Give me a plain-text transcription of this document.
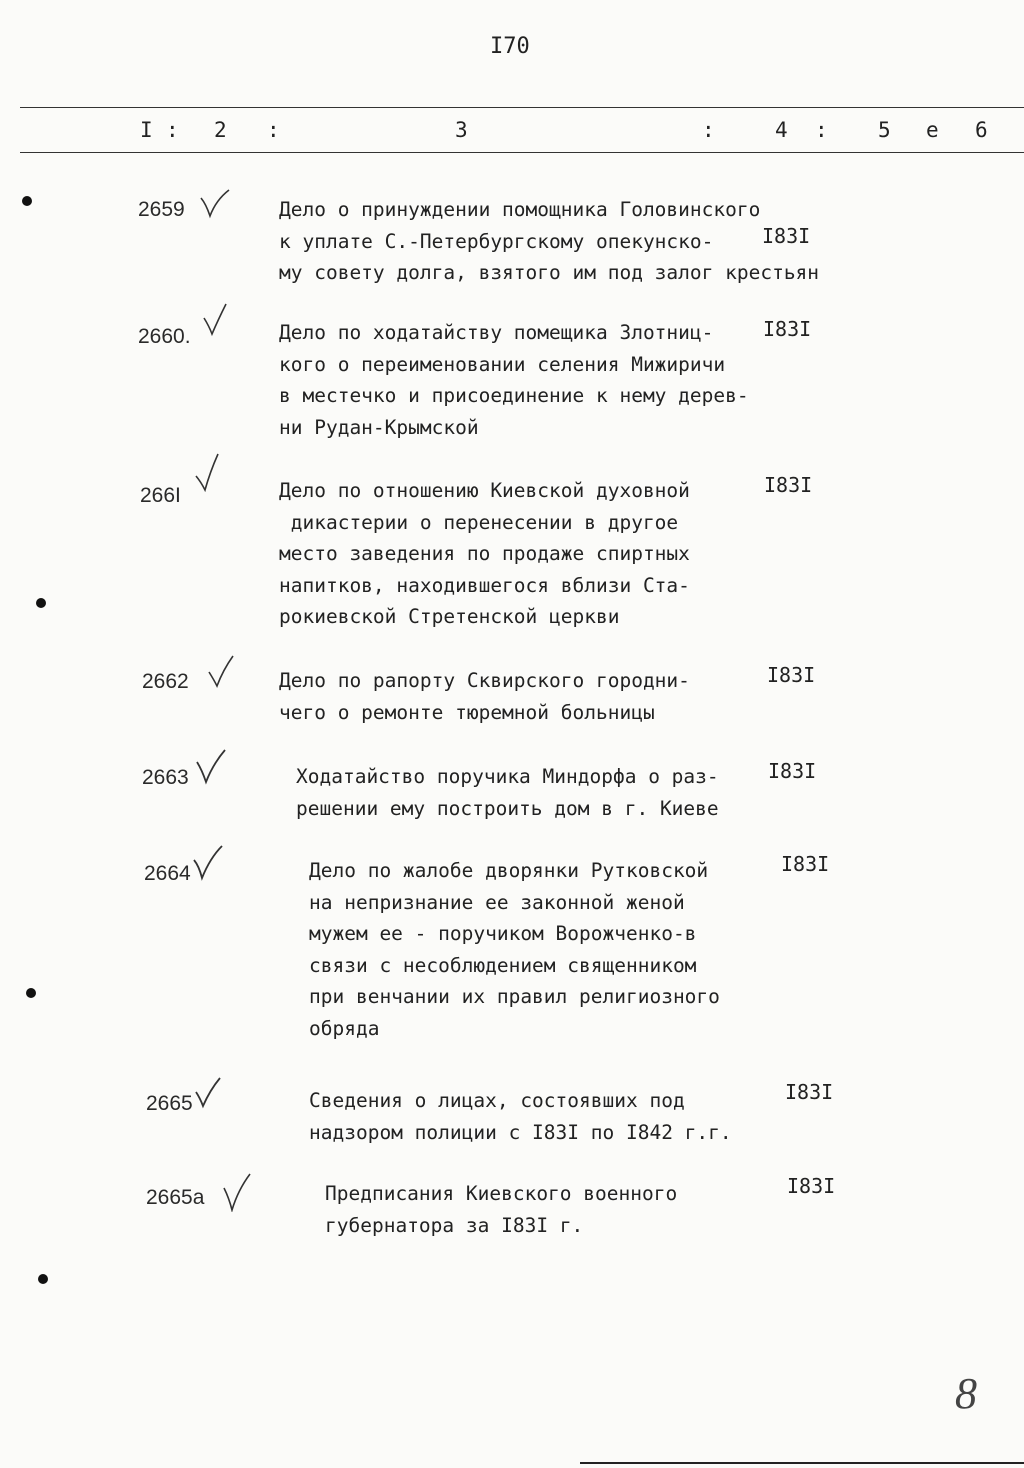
I70
I : 2 :	3	:	4 : 5 e 6
2659	Дело о принуждении помощника Головинского
к уплате С.-Петербургскому опекунско-
му совету долга, взятого им под залог крестьян
I83I
2660.	Дело по ходатайству помещика Злотниц-
кого о переименовании селения Мижиричи
в местечко и присоединение к нему дерев-
ни Рудан-Крымской
I83I
266I	Дело по отношению Киевской духовной
дикастерии о перенесении в другое
место заведения по продаже спиртных
напитков, находившегося вблизи Ста-
рокиевской Стретенской церкви
I83I
2662	Дело по рапорту Сквирского городни-
чего о ремонте тюремной больницы
I83I
2663	Ходатайство поручика Миндорфа о раз-
решении ему построить дом в г. Киеве
I83I
2664	Дело по жалобе дворянки Рутковской
на непризнание ее законной женой
мужем ее - поручиком Ворожченко-в
связи с несоблюдением священником
при венчании их правил религиозного
обряда
I83I
2665	Сведения о лицах, состоявших под
надзором полиции с I83I по I842 г.г.
I83I
2665а	Предписания Киевского военного
губернатора за I83I г.
I83I
8
